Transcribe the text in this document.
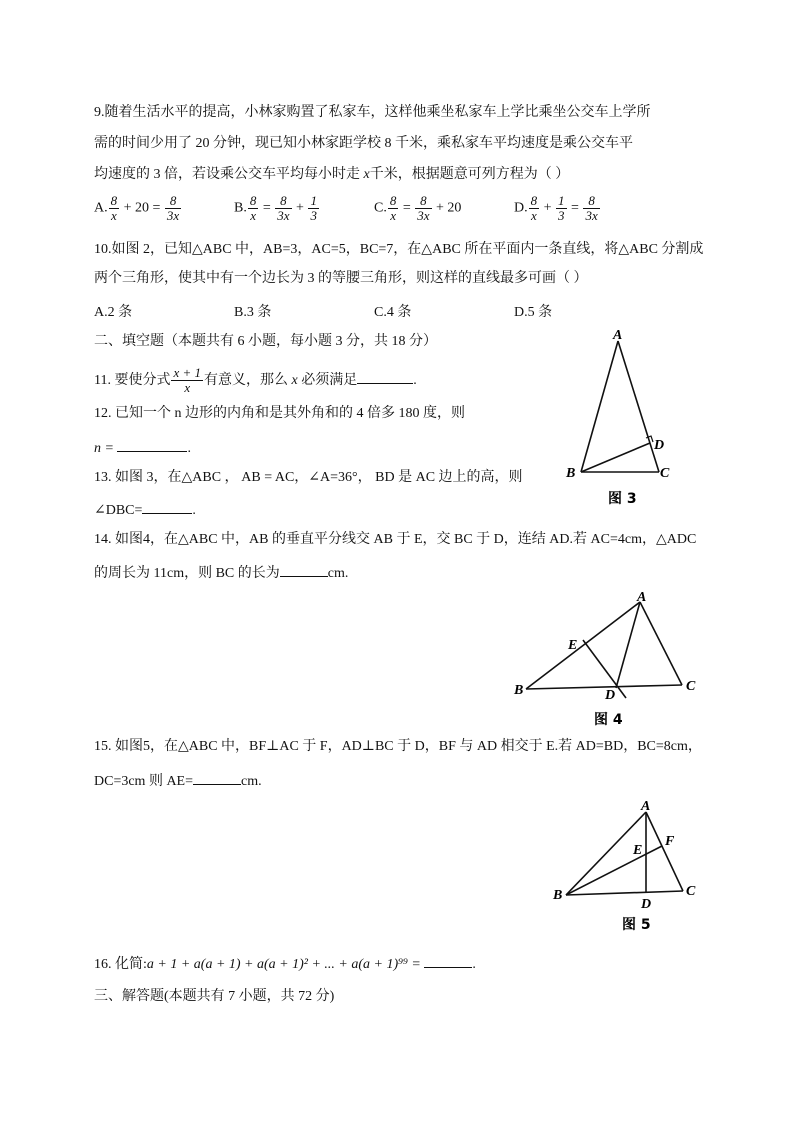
9.随着生活水平的提高，小林家购置了私家车，这样他乘坐私家车上学比乘坐公交车上学所
需的时间少用了 20 分钟，现已知小林家距学校 8 千米，乘私家车平均速度是乘公交车平
均速度的 3 倍，若设乘公交车平均每小时走 x千米，根据题意可列方程为（ ）
A. $\frac{8}{x} + 20 = \frac{8}{3x}$	B. $\frac{8}{x} = \frac{8}{3x} + \frac{1}{3}$	C. $\frac{8}{x} = \frac{8}{3x} + 20$	D. $\frac{8}{x} + \frac{1}{3} = \frac{8}{3x}$
10.如图 2，已知△ABC 中，AB=3，AC=5，BC=7，在△ABC 所在平面内一条直线，将△ABC 分割成
两个三角形，使其中有一个边长为 3 的等腰三角形，则这样的直线最多可画（ ）
A.2 条	B.3 条	C.4 条	D.5 条
二、填空题（本题共有 6 小题，每小题 3 分，共 18 分）
11. 要使分式 $\frac{x + 1}{x}$ 有意义，那么 x 必须满足	.
12. 已知一个 n 边形的内角和是其外角和的 4 倍多 180 度，则
n =	.
13. 如图 3，在△ABC ， AB = AC，∠A=36°， BD 是 AC 边上的高，则
∠DBC=	.
14. 如图4，在△ABC 中，AB 的垂直平分线交 AB 于 E，交 BC 于 D，连结 AD.若 AC=4cm，△ADC
的周长为 11cm，则 BC 的长为	cm.
15. 如图5，在△ABC 中，BF⊥AC 于 F，AD⊥BC 于 D，BF 与 AD 相交于 E.若 AD=BD，BC=8cm，
DC=3cm 则 AE=	cm.
16. 化简:a + 1 + a(a + 1) + a(a + 1)² + ... + a(a + 1)⁹⁹ =	.
三、解答题(本题共有 7 小题，共 72 分)
A
B	C
D
图 3
A
B	C
D
E
图 4
A
B	C
D
E
F
图 5
